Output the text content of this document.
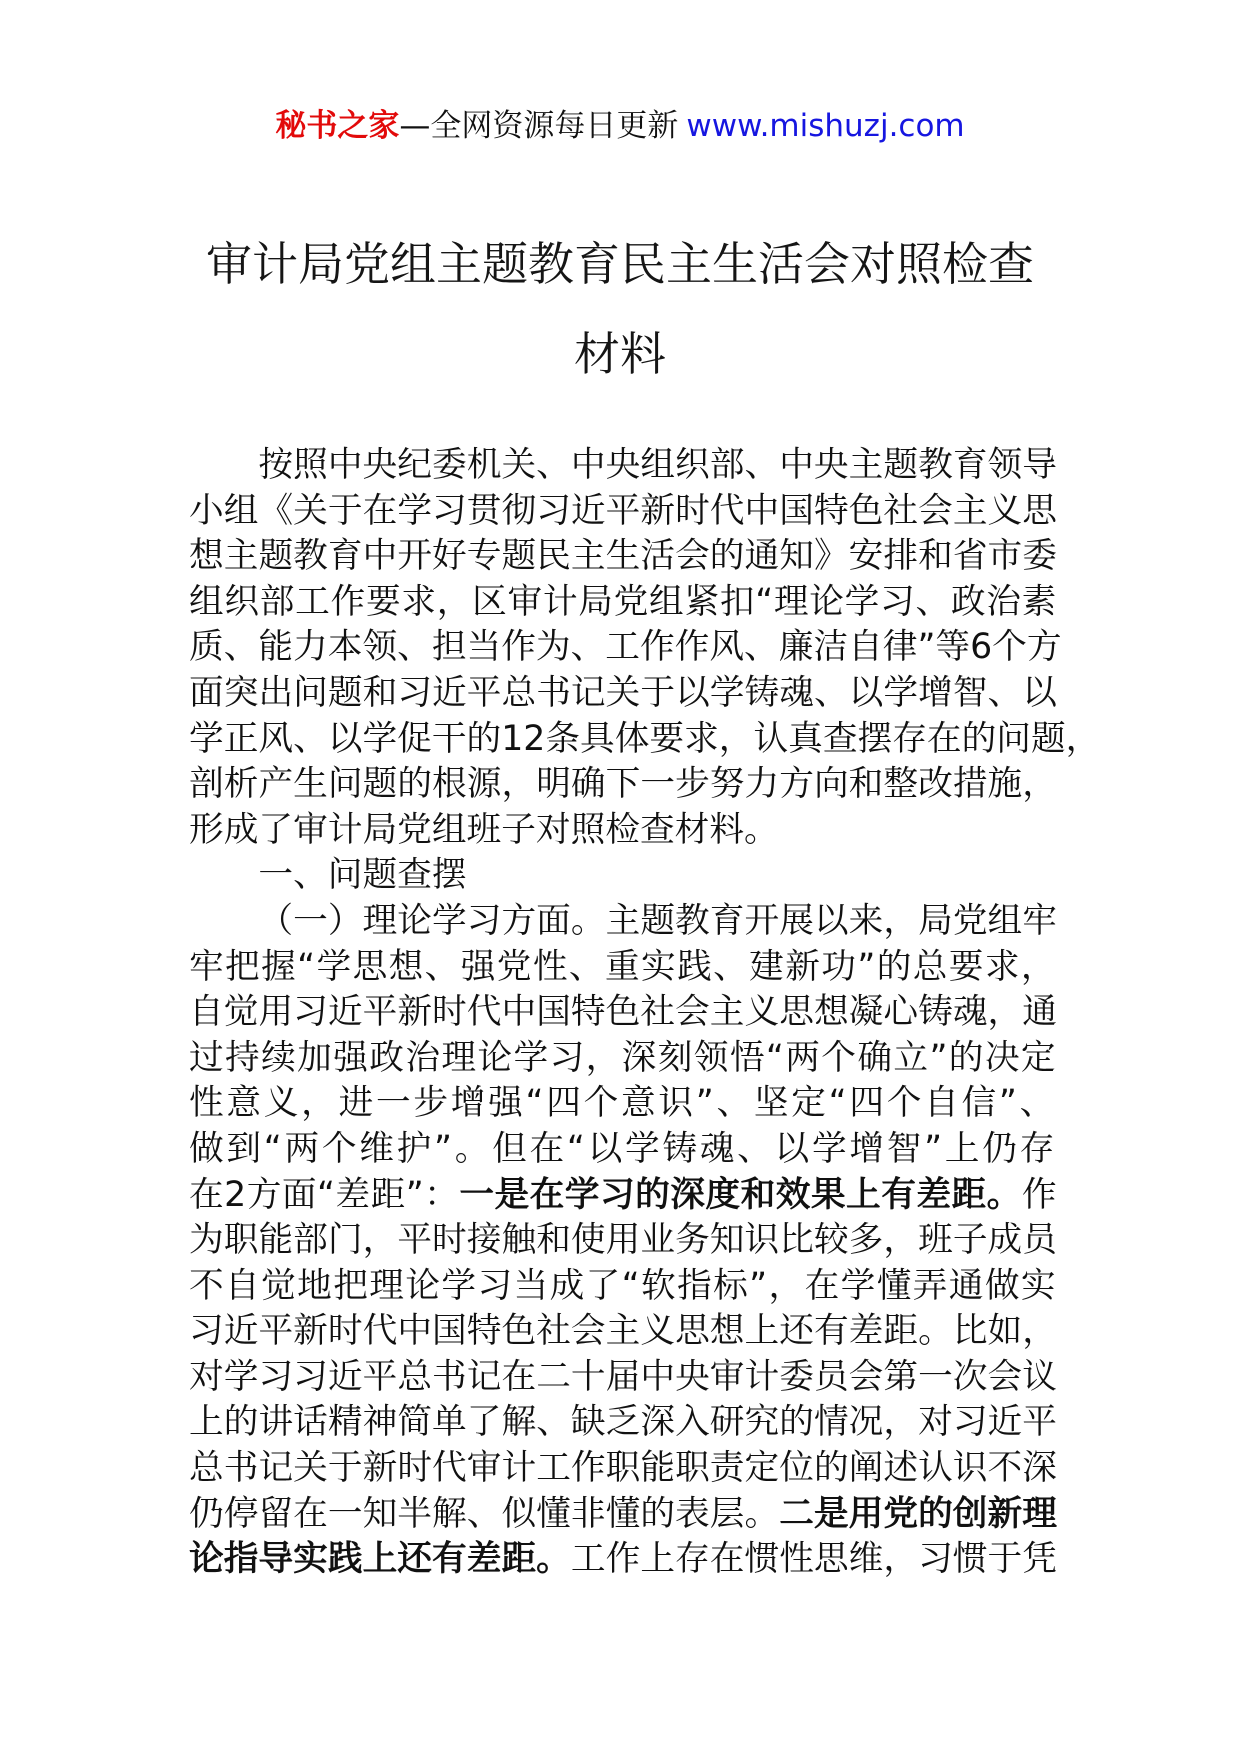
秘书之家—全网资源每日更新 www.mishuzj.com
审计局党组主题教育民主生活会对照检查
材料
按照中央纪委机关、中央组织部、中央主题教育领导
小组《关于在学习贯彻习近平新时代中国特色社会主义思
想主题教育中开好专题民主生活会的通知》安排和省市委
组织部工作要求，区审计局党组紧扣“理论学习、政治素
质、能力本领、担当作为、工作作风、廉洁自律”等6个方
面突出问题和习近平总书记关于以学铸魂、以学增智、以
学正风、以学促干的12条具体要求，认真查摆存在的问题，
剖析产生问题的根源，明确下一步努力方向和整改措施，
形成了审计局党组班子对照检查材料。
一、问题查摆
（一）理论学习方面。主题教育开展以来，局党组牢
牢把握“学思想、强党性、重实践、建新功”的总要求，
自觉用习近平新时代中国特色社会主义思想凝心铸魂，通
过持续加强政治理论学习，深刻领悟“两个确立”的决定
性意义，进一步增强“四个意识”、坚定“四个自信”、
做到“两个维护”。但在“以学铸魂、以学增智”上仍存
在2方面“差距”：一是在学习的深度和效果上有差距。作
为职能部门，平时接触和使用业务知识比较多，班子成员
不自觉地把理论学习当成了“软指标”，在学懂弄通做实
习近平新时代中国特色社会主义思想上还有差距。比如，
对学习习近平总书记在二十届中央审计委员会第一次会议
上的讲话精神简单了解、缺乏深入研究的情况，对习近平
总书记关于新时代审计工作职能职责定位的阐述认识不深
仍停留在一知半解、似懂非懂的表层。二是用党的创新理
论指导实践上还有差距。工作上存在惯性思维，习惯于凭
